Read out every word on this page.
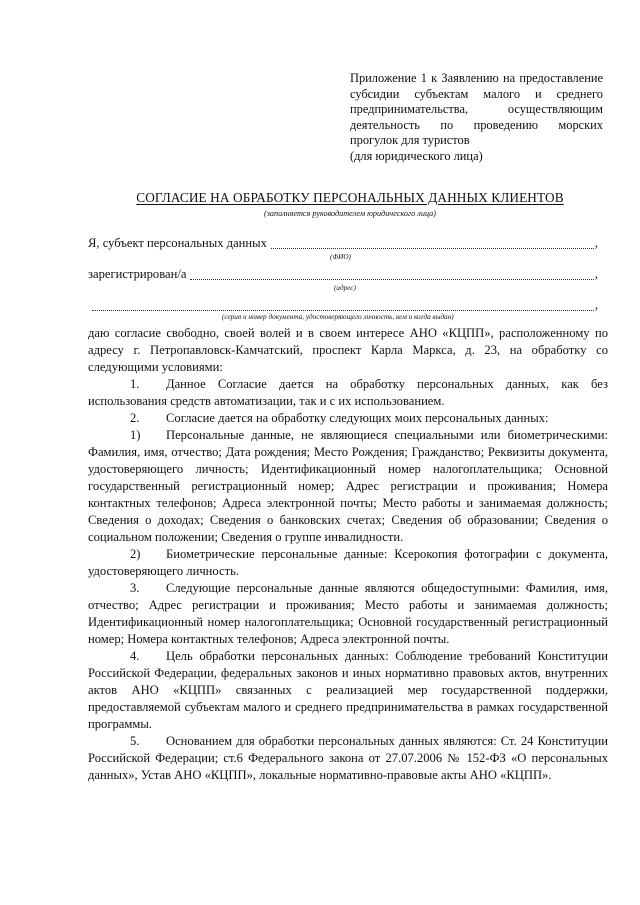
Приложение 1 к Заявлению на предоставление
субсидии субъектам малого и среднего
предпринимательства, осуществляющим
деятельность по проведению морских
прогулок для туристов
(для юридического лица)
СОГЛАСИЕ НА ОБРАБОТКУ ПЕРСОНАЛЬНЫХ ДАННЫХ КЛИЕНТОВ
(заполняется руководителем юридического лица)
Я, субъект персональных данных	,
(ФИО)
зарегистрирован/а	,
(адрес)
,
(серия и номер документа, удостоверяющего личность, кем и когда выдан)

даю согласие свободно, своей волей и в своем интересе АНО «КЦПП», расположенному по адресу г. Петропавловск-Камчатский, проспект Карла Маркса, д. 23, на обработку со следующими условиями:

1. Данное Согласие дается на обработку персональных данных, как без использования средств автоматизации, так и с их использованием.

2. Согласие дается на обработку следующих моих персональных данных:

1) Персональные данные, не являющиеся специальными или биометрическими: Фамилия, имя, отчество; Дата рождения; Место Рождения; Гражданство; Реквизиты документа, удостоверяющего личность; Идентификационный номер налогоплательщика; Основной государственный регистрационный номер; Адрес регистрации и проживания; Номера контактных телефонов; Адреса электронной почты; Место работы и занимаемая должность; Сведения о доходах; Сведения о банковских счетах; Сведения об образовании; Сведения о социальном положении; Сведения о группе инвалидности.

2) Биометрические персональные данные: Ксерокопия фотографии с документа, удостоверяющего личность.

3. Следующие персональные данные являются общедоступными: Фамилия, имя, отчество; Адрес регистрации и проживания; Место работы и занимаемая должность; Идентификационный номер налогоплательщика; Основной государственный регистрационный номер; Номера контактных телефонов; Адреса электронной почты.

4. Цель обработки персональных данных: Соблюдение требований Конституции Российской Федерации, федеральных законов и иных нормативно правовых актов, внутренних актов АНО «КЦПП» связанных с реализацией мер государственной поддержки, предоставляемой субъектам малого и среднего предпринимательства в рамках государственной программы.

5. Основанием для обработки персональных данных являются: Ст. 24 Конституции Российской Федерации; ст.6 Федерального закона от 27.07.2006 № 152-ФЗ «О персональных данных», Устав АНО «КЦПП», локальные нормативно-правовые акты АНО «КЦПП».
